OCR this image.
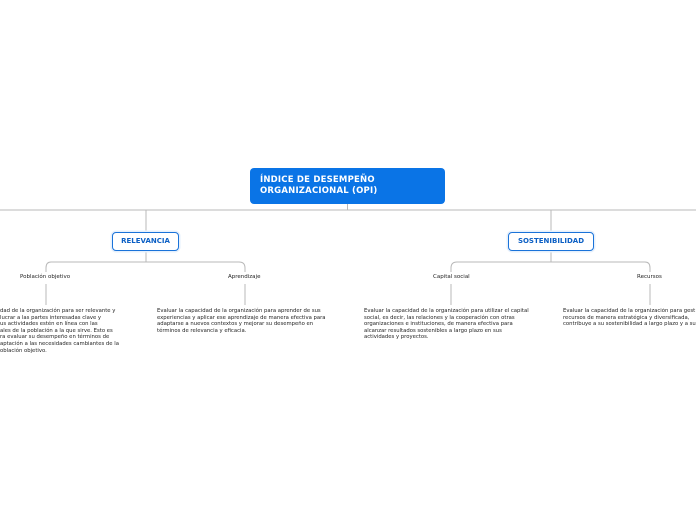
ÍNDICE DE DESEMPEÑO ORGANIZACIONAL (OPI)
RELEVANCIA	SOSTENIBILIDAD
Población objetivo	Aprendizaje	Capital social	Recursos
dad de la organización para ser relevante y
lucrar a las partes interesadas clave y
us actividades estén en línea con las
ales de la población a la que sirve. Esto es
ra evaluar su desempeño en términos de
aptación a las necesidades cambiantes de la
oblación objetivo.
Evaluar la capacidad de la organización para aprender de sus
experiencias y aplicar ese aprendizaje de manera efectiva para
adaptarse a nuevos contextos y mejorar su desempeño en
términos de relevancia y eficacia.
Evaluar la capacidad de la organización para utilizar el capital
social, es decir, las relaciones y la cooperación con otras
organizaciones e instituciones, de manera efectiva para
alcanzar resultados sostenibles a largo plazo en sus
actividades y proyectos.
Evaluar la capacidad de la organización para gest
recursos de manera estratégica y diversificada,
contribuye a su sostenibilidad a largo plazo y a su
